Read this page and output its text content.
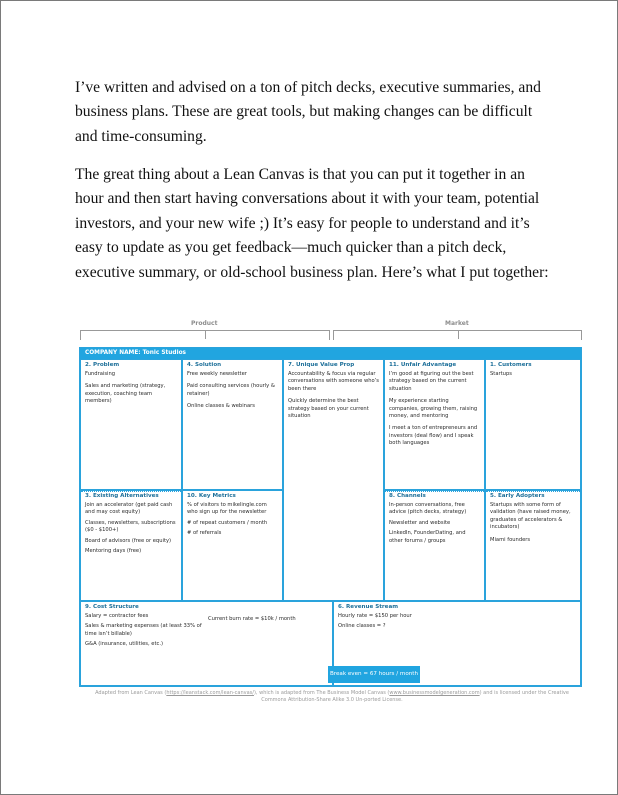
I’ve written and advised on a ton of pitch decks, executive summaries, and business plans. These are great tools, but making changes can be difficult and time-consuming.

The great thing about a Lean Canvas is that you can put it together in an hour and then start having conversations about it with your team, potential investors, and your new wife ;) It’s easy for people to understand and it’s easy to update as you get feedback—much quicker than a pitch deck, executive summary, or old-school business plan. Here’s what I put together:

Product	Market
COMPANY NAME: Tonic Studios
2. Problem
Fundraising
Sales and marketing (strategy, execution, coaching team members)
3. Existing Alternatives
Join an accelerator (get paid cash and may cost equity)
Classes, newsletters, subscriptions ($0 - $100+)
Board of advisors (free or equity)
Mentoring days (free)
4. Solution
Free weekly newsletter
Paid consulting services (hourly & retainer)
Online classes & webinars
10. Key Metrics
% of visitors to mikelingle.com who sign up for the newsletter
# of repeat customers / month
# of referrals
7. Unique Value Prop
Accountability & focus via regular conversations with someone who’s been there
Quickly determine the best strategy based on your current situation
11. Unfair Advantage
I’m good at figuring out the best strategy based on the current situation
My experience starting companies, growing them, raising money, and mentoring
I meet a ton of entrepreneurs and investors (deal flow) and I speak both languages
8. Channels
In-person conversations, free advice (pitch decks, strategy)
Newsletter and website
LinkedIn, FounderDating, and other forums / groups
1. Customers
Startups
5. Early Adopters
Startups with some form of validation (have raised money, graduates of accelerators & incubators)
Miami founders
9. Cost Structure
Current burn rate = $10k / month
Salary = contractor fees
Sales & marketing expenses (at least 33% of time isn’t billable)
G&A (insurance, utilities, etc.)
6. Revenue Stream
Hourly rate = $150 per hour
Online classes = ?
Break even = 67 hours / month
Adapted from Lean Canvas (https://leanstack.com/lean-canvas/), which is adapted from The Business Model Canvas (www.businessmodelgeneration.com) and is licensed under the Creative Commons Attribution-Share Alike 3.0 Un-ported License.
